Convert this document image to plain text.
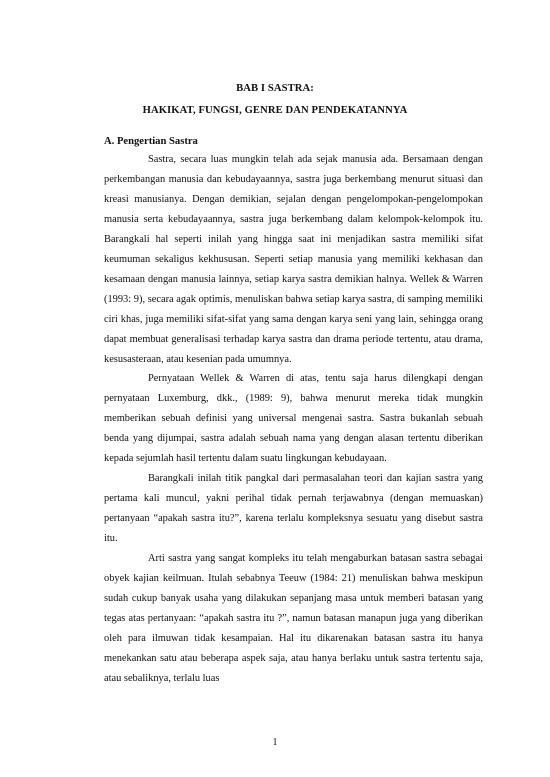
BAB I SASTRA:
HAKIKAT, FUNGSI, GENRE DAN PENDEKATANNYA
A. Pengertian Sastra

Sastra, secara luas mungkin telah ada sejak manusia ada. Bersamaan dengan perkembangan manusia dan kebudayaannya, sastra juga berkembang menurut situasi dan kreasi manusianya. Dengan demikian, sejalan dengan pengelompokan-pengelompokan manusia serta kebudayaannya, sastra juga berkembang dalam kelompok-kelompok itu. Barangkali hal seperti inilah yang hingga saat ini menjadikan sastra memiliki sifat keumuman sekaligus kekhususan. Seperti setiap manusia yang memiliki kekhasan dan kesamaan dengan manusia lainnya, setiap karya sastra demikian halnya. Wellek & Warren (1993: 9), secara agak optimis, menuliskan bahwa setiap karya sastra, di samping memiliki ciri khas, juga memiliki sifat-sifat yang sama dengan karya seni yang lain, sehingga orang dapat membuat generalisasi terhadap karya sastra dan drama periode tertentu, atau drama, kesusasteraan, atau kesenian pada umumnya.

Pernyataan Wellek & Warren di atas, tentu saja harus dilengkapi dengan pernyataan Luxemburg, dkk., (1989: 9), bahwa menurut mereka tidak mungkin memberikan sebuah definisi yang universal mengenai sastra. Sastra bukanlah sebuah benda yang dijumpai, sastra adalah sebuah nama yang dengan alasan tertentu diberikan kepada sejumlah hasil tertentu dalam suatu lingkungan kebudayaan.

Barangkali inilah titik pangkal dari permasalahan teori dan kajian sastra yang pertama kali muncul, yakni perihal tidak pernah terjawabnya (dengan memuaskan) pertanyaan “apakah sastra itu?”, karena terlalu kompleksnya sesuatu yang disebut sastra itu.

Arti sastra yang sangat kompleks itu telah mengaburkan batasan sastra sebagai obyek kajian keilmuan. Itulah sebabnya Teeuw (1984: 21) menuliskan bahwa meskipun sudah cukup banyak usaha yang dilakukan sepanjang masa untuk memberi batasan yang tegas atas pertanyaan: “apakah sastra itu ?”, namun batasan manapun juga yang diberikan oleh para ilmuwan tidak kesampaian. Hal itu dikarenakan batasan sastra itu hanya menekankan satu atau beberapa aspek saja, atau hanya berlaku untuk sastra tertentu saja, atau sebaliknya, terlalu luas

1
